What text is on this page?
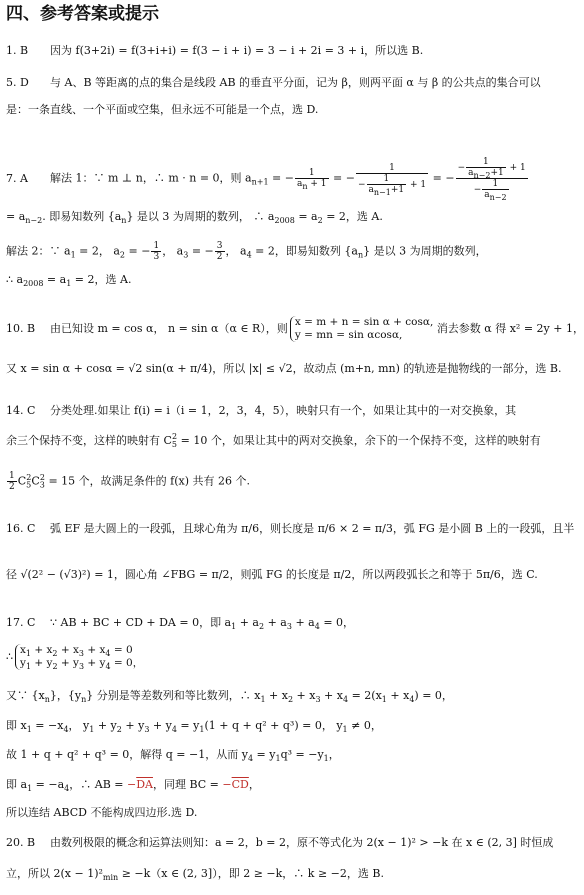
四、参考答案或提示
1. B 因为 f(3+2i) = f(3+i+i) = f(3 − i + i) = 3 − i + 2i = 3 + i，所以选 B.
5. D 与 A、B 等距离的点的集合是线段 AB 的垂直平分面，记为 β，则两平面 α 与 β 的公共点的集合可以
是：一条直线、一个平面或空集，但永远不可能是一个点，选 D.
7. A 解法 1：∵ m ⊥ n，∴ m · n = 0，则 $a_{n+1}$ = − $\frac{1}{a_n + 1}$ = − $\frac{1}{- \frac{1}{a_{n-1}+1} + 1}$ = − $\frac{- \frac{1}{a_{n-2}+1} + 1}{- \frac{1}{a_{n-2}}}$
= $a_{n-2}$. 即易知数列 $\{a_n\}$ 是以 3 为周期的数列， ∴ $a_{2008} = a_2 = 2$，选 A.
解法 2：∵ $a_1 = 2$， $a_2$ = − $\frac{1}{3}$ ， $a_3$ = − $\frac{3}{2}$ ， $a_4 = 2$，即易知数列 $\{a_n\}$ 是以 3 为周期的数列，
∴ $a_{2008} = a_1 = 2$，选 A.
10. B 由已知设 m = cos α， n = sin α（α ∈ R），则 x = m + n = sin α + cosα,
y = mn = sin αcosα,	消去参数 α 得 x² = 2y + 1，
又 x = sin α + cosα = √2 sin(α + π/4)，所以 |x| ≤ √2，故动点 (m+n, mn) 的轨迹是抛物线的一部分，选 B.
14. C 分类处理.如果让 f(i) = i（i = 1，2，3，4，5），映射只有一个，如果让其中的一对交换象，其
余三个保持不变，这样的映射有 $C_5^2 = 10$ 个，如果让其中的两对交换象，余下的一个保持不变，这样的映射有
$\frac{1}{2} C_5^2C_3^2 = 15$ 个，故满足条件的 f(x) 共有 26 个.
16. C 弧 EF 是大圆上的一段弧，且球心角为 π/6，则长度是 π/6 × 2 = π/3，弧 FG 是小圆 B 上的一段弧，且半
径 √(2² − (√3)²) = 1，圆心角 ∠FBG = π/2，则弧 FG 的长度是 π/2，所以两段弧长之和等于 5π/6，选 C.
17. C ∵ AB + BC + CD + DA = 0，即 $a_1 + a_2 + a_3 + a_4 = 0$，
∴ $x_1 + x_2 + x_3 + x_4 = 0$
$y_1 + y_2 + y_3 + y_4 = 0$，
又∵ $\{x_n\}$，$\{y_n\}$ 分别是等差数列和等比数列，∴ $x_1 + x_2 + x_3 + x_4 = 2(x_1 + x_4) = 0$，
即 $x_1 = -x_4$， $y_1 + y_2 + y_3 + y_4 = y_1(1 + q + q^2 + q^3) = 0$， $y_1 \ne 0$，
故 1 + q + q² + q³ = 0，解得 q = −1，从而 $y_4 = y_1q^3 = -y_1$，
即 $a_1 = -a_4$，∴ AB = $-\overline{DA}$，同理 BC = $-\overline{CD}$，
所以连结 ABCD 不能构成四边形.选 D.
20. B 由数列极限的概念和运算法则知：a = 2，b = 2，原不等式化为 2(x − 1)² > −k 在 x ∈ (2, 3] 时恒成
立，所以 $2(x - 1)^2_{min} \ge -k(x$ ∈ (2, 3]），即 2 ≥ −k，∴ k ≥ −2，选 B.
